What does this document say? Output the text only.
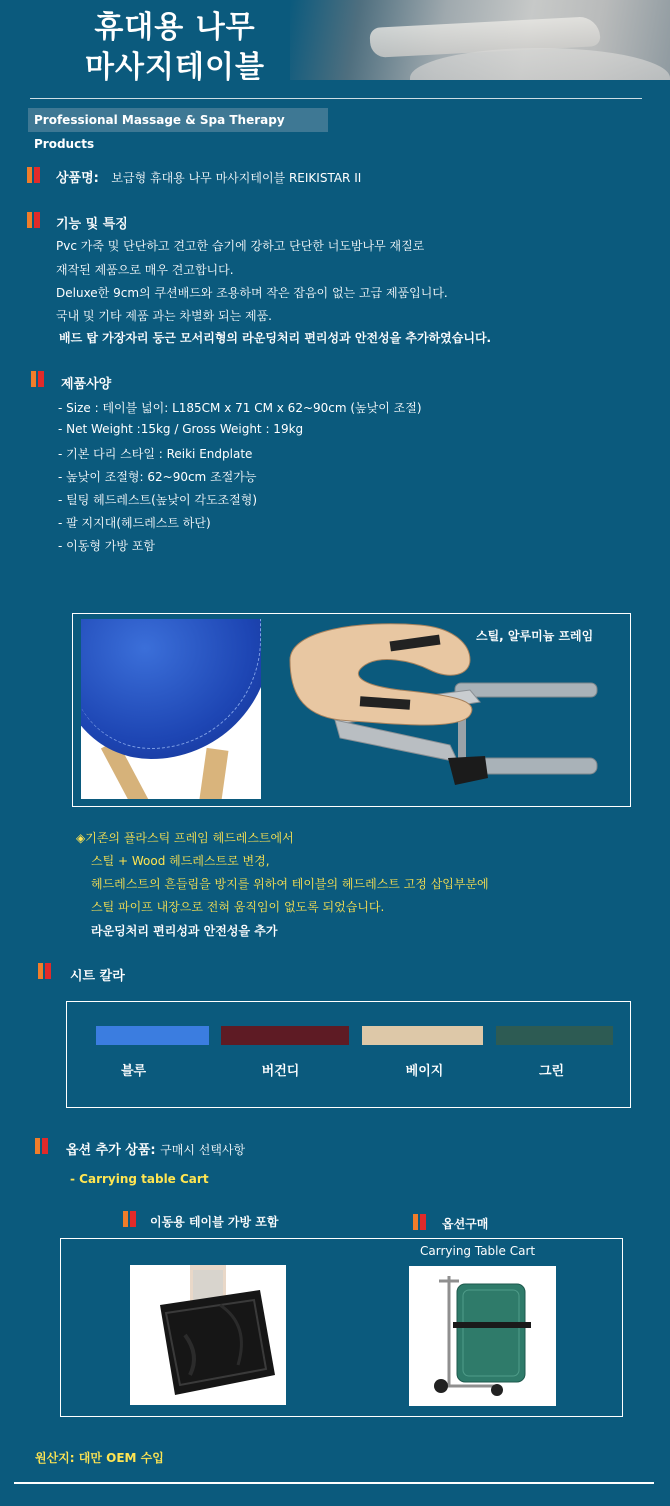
휴대용 나무
마사지테이블
Professional Massage & Spa Therapy Products
상품명: 보급형 휴대용 나무 마사지테이블 REIKISTAR II
기능 및 특징
Pvc 가죽 및 단단하고 견고한 습기에 강하고 단단한 너도밤나무 재질로
재작된 제품으로 매우 견고합니다.
Deluxe한 9cm의 쿠션배드와 조용하며 작은 잡음이 없는 고급 제품입니다.
국내 및 기타 제품 과는 차별화 되는 제품.
배드 탑 가장자리 둥근 모서리형의 라운딩처리 편리성과 안전성을 추가하였습니다.
제품사양
- Size : 테이블 넓이: L185CM x 71 CM x 62~90cm (높낮이 조절)
- Net Weight :15kg / Gross Weight : 19kg
- 기본 다리 스타일 : Reiki Endplate
- 높낮이 조절형: 62~90cm 조절가능
- 틸팅 헤드레스트(높낮이 각도조절형)
- 팔 지지대(헤드레스트 하단)
- 이동형 가방 포함
스틸, 알루미늄 프레임
◈기존의 플라스틱 프레임 헤드레스트에서
스틸 + Wood 헤드레스트로 변경,
헤드레스트의 흔들림을 방지를 위하여 테이블의 헤드레스트 고정 삽입부분에
스틸 파이프 내장으로 전혀 움직임이 없도록 되었습니다.
라운딩처리 편리성과 안전성을 추가
시트 칼라
블루	버건디	베이지	그린
옵션 추가 상품: 구매시 선택사항
- Carrying table Cart
이동용 테이블 가방 포함	옵션구매
Carrying Table Cart
원산지: 대만 OEM 수입
